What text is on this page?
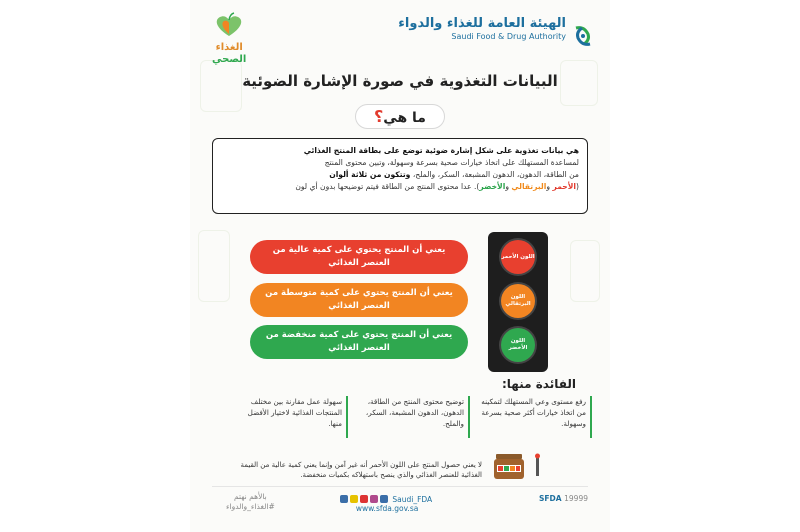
الهيئة العامة للغذاء والدواء
Saudi Food & Drug Authority
الغذاء
الصحي
البيانات التغذوية في صورة الإشارة الضوئية
ما هي؟
هي بيانات تغذوية على شكل إشارة ضوئية توضع على بطاقة المنتج الغذائي
لمساعدة المستهلك على اتخاذ خيارات صحية بسرعة وسهولة، وتبين محتوى المنتج
من الطاقة، الدهون، الدهون المشبعة، السكر، والملح، وتتكون من ثلاثة ألوان
(الأحمر والبرتقالي والأخضر). عدا محتوى المنتج من الطاقة فيتم توضيحها بدون أي لون
يعني أن المنتج يحتوي على كمية عالية من العنصر الغذائي
يعني أن المنتج يحتوي على كمية متوسطة من العنصر الغذائي
يعني أن المنتج يحتوي على كمية منخفضة من العنصر الغذائي
اللون الأحمر
اللون البرتقالي
اللون الأخضر
الفائدة منها:
رفع مستوى وعي المستهلك لتمكينه من اتخاذ خيارات أكثر صحية بسرعة وسهولة.
توضيح محتوى المنتج من الطاقة، الدهون، الدهون المشبعة، السكر، والملح.
سهولة عمل مقارنة بين مختلف المنتجات الغذائية لاختيار الأفضل منها.
لا يعني حصول المنتج على اللون الأحمر أنه غير آمن وإنما يعني كمية عالية من القيمة الغذائية للعنصر الغذائي والذي ينصح باستهلاكه بكميات منخفضة.
بالأهم نهتم
#الغذاء_والدواء
Saudi_FDA
www.sfda.gov.sa
SFDA 19999
